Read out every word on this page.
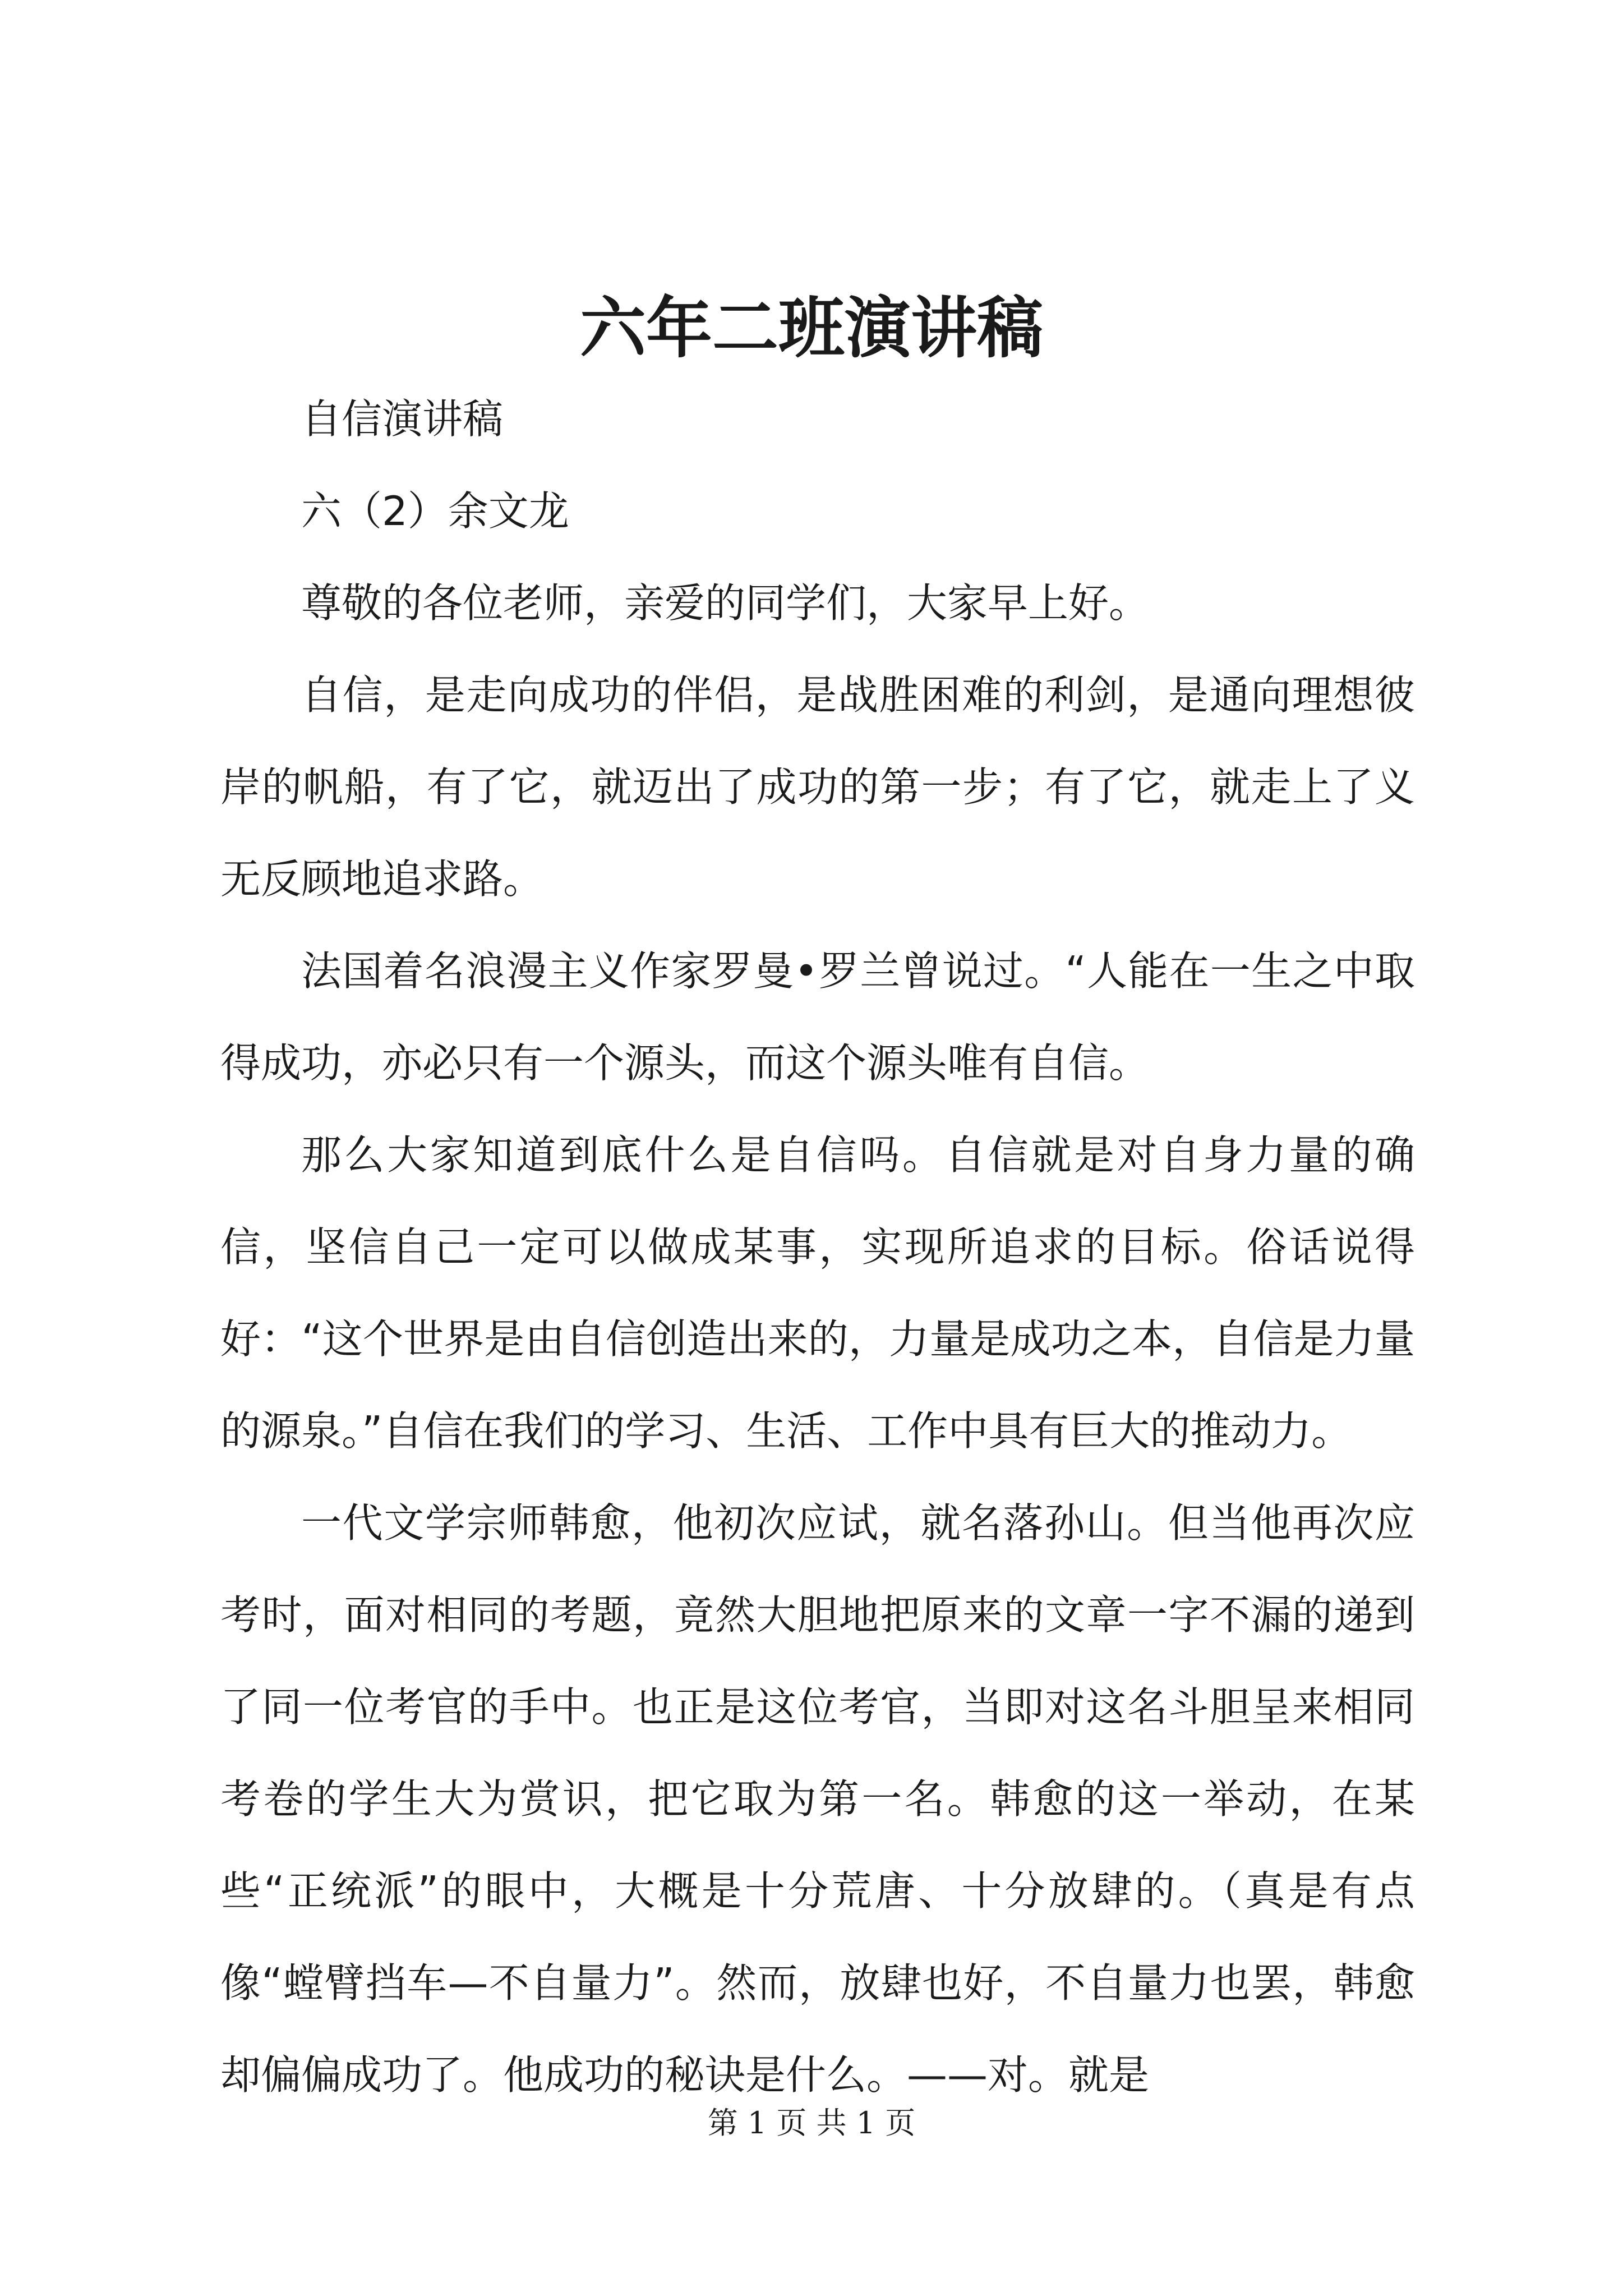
六年二班演讲稿

自信演讲稿

六（2）余文龙

尊敬的各位老师，亲爱的同学们，大家早上好。

自信，是走向成功的伴侣，是战胜困难的利剑，是通向理想彼岸的帆船，有了它，就迈出了成功的第一步；有了它，就走上了义无反顾地追求路。

法国着名浪漫主义作家罗曼•罗兰曾说过。“人能在一生之中取得成功，亦必只有一个源头，而这个源头唯有自信。

那么大家知道到底什么是自信吗。自信就是对自身力量的确信，坚信自己一定可以做成某事，实现所追求的目标。俗话说得好：“这个世界是由自信创造出来的，力量是成功之本，自信是力量的源泉。”自信在我们的学习、生活、工作中具有巨大的推动力。

一代文学宗师韩愈，他初次应试，就名落孙山。但当他再次应考时，面对相同的考题，竟然大胆地把原来的文章一字不漏的递到了同一位考官的手中。也正是这位考官，当即对这名斗胆呈来相同考卷的学生大为赏识，把它取为第一名。韩愈的这一举动，在某些“正统派”的眼中，大概是十分荒唐、十分放肆的。（真是有点像“螳臂挡车—不自量力”。然而，放肆也好，不自量力也罢，韩愈却偏偏成功了。他成功的秘诀是什么。——对。就是

第 1 页 共 1 页
